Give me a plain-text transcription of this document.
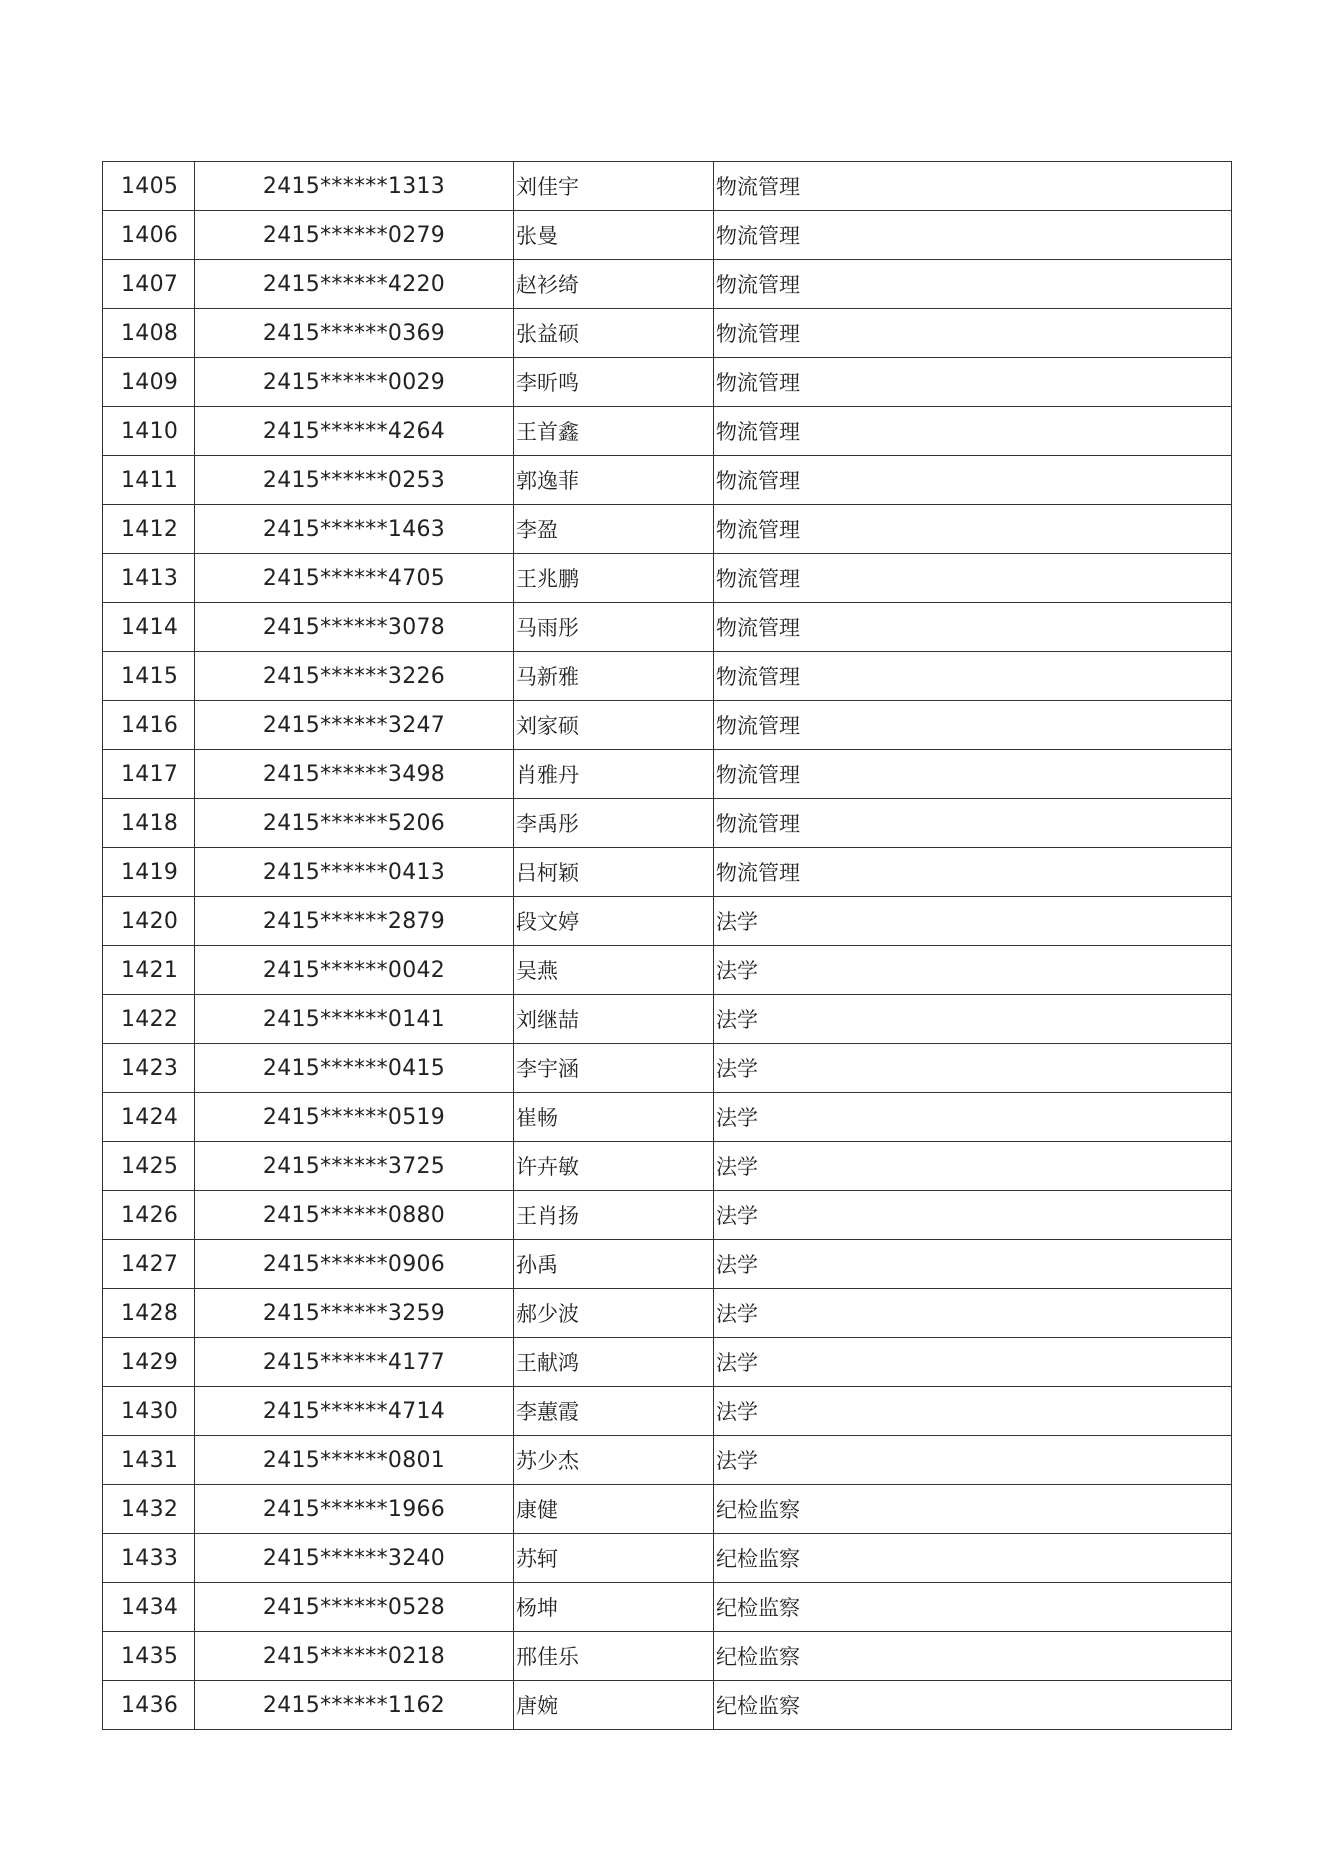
1405	2415******1313	刘佳宇	物流管理
1406	2415******0279	张曼	物流管理
1407	2415******4220	赵衫绮	物流管理
1408	2415******0369	张益硕	物流管理
1409	2415******0029	李昕鸣	物流管理
1410	2415******4264	王首鑫	物流管理
1411	2415******0253	郭逸菲	物流管理
1412	2415******1463	李盈	物流管理
1413	2415******4705	王兆鹏	物流管理
1414	2415******3078	马雨彤	物流管理
1415	2415******3226	马新雅	物流管理
1416	2415******3247	刘家硕	物流管理
1417	2415******3498	肖雅丹	物流管理
1418	2415******5206	李禹彤	物流管理
1419	2415******0413	吕柯颖	物流管理
1420	2415******2879	段文婷	法学
1421	2415******0042	吴燕	法学
1422	2415******0141	刘继喆	法学
1423	2415******0415	李宇涵	法学
1424	2415******0519	崔畅	法学
1425	2415******3725	许卉敏	法学
1426	2415******0880	王肖扬	法学
1427	2415******0906	孙禹	法学
1428	2415******3259	郝少波	法学
1429	2415******4177	王献鸿	法学
1430	2415******4714	李蕙霞	法学
1431	2415******0801	苏少杰	法学
1432	2415******1966	康健	纪检监察
1433	2415******3240	苏轲	纪检监察
1434	2415******0528	杨坤	纪检监察
1435	2415******0218	邢佳乐	纪检监察
1436	2415******1162	唐婉	纪检监察
